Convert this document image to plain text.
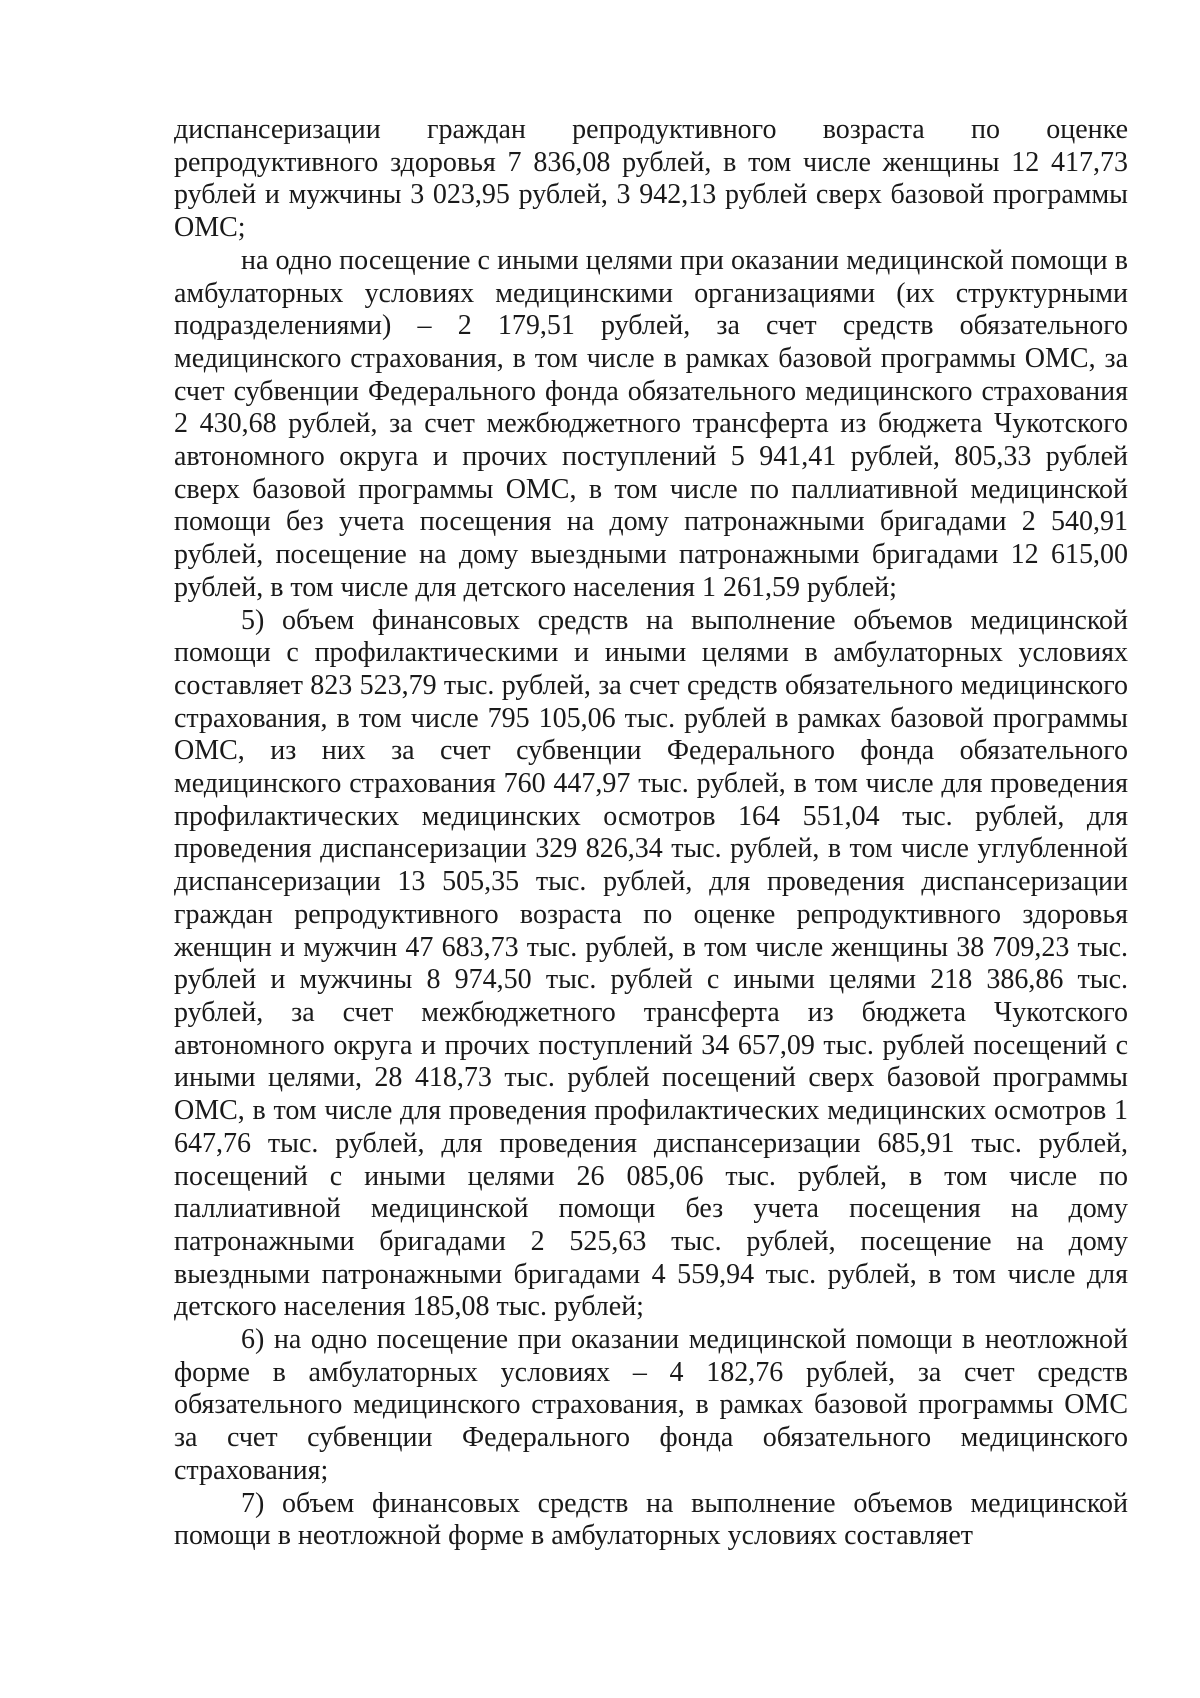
диспансеризации граждан репродуктивного возраста по оценке репродуктивного здоровья 7 836,08 рублей, в том числе женщины 12 417,73 рублей и мужчины 3 023,95 рублей, 3 942,13 рублей сверх базовой программы ОМС;

на одно посещение с иными целями при оказании медицинской помощи в амбулаторных условиях медицинскими организациями (их структурными подразделениями) – 2 179,51 рублей, за счет средств обязательного медицинского страхования, в том числе в рамках базовой программы ОМС, за счет субвенции Федерального фонда обязательного медицинского страхования 2 430,68 рублей, за счет межбюджетного трансферта из бюджета Чукотского автономного округа и прочих поступлений 5 941,41 рублей, 805,33 рублей сверх базовой программы ОМС, в том числе по паллиативной медицинской помощи без учета посещения на дому патронажными бригадами 2 540,91 рублей, посещение на дому выездными патронажными бригадами 12 615,00 рублей, в том числе для детского населения 1 261,59 рублей;

5) объем финансовых средств на выполнение объемов медицинской помощи с профилактическими и иными целями в амбулаторных условиях составляет 823 523,79 тыс. рублей, за счет средств обязательного медицинского страхования, в том числе 795 105,06 тыс. рублей в рамках базовой программы ОМС, из них за счет субвенции Федерального фонда обязательного медицинского страхования 760 447,97 тыс. рублей, в том числе для проведения профилактических медицинских осмотров 164 551,04 тыс. рублей, для проведения диспансеризации 329 826,34 тыс. рублей, в том числе углубленной диспансеризации 13 505,35 тыс. рублей, для проведения диспансеризации граждан репродуктивного возраста по оценке репродуктивного здоровья женщин и мужчин 47 683,73 тыс. рублей, в том числе женщины 38 709,23 тыс. рублей и мужчины 8 974,50 тыс. рублей с иными целями 218 386,86 тыс. рублей, за счет межбюджетного трансферта из бюджета Чукотского автономного округа и прочих поступлений 34 657,09 тыс. рублей посещений с иными целями, 28 418,73 тыс. рублей посещений сверх базовой программы ОМС, в том числе для проведения профилактических медицинских осмотров 1 647,76 тыс. рублей, для проведения диспансеризации 685,91 тыс. рублей, посещений с иными целями 26 085,06 тыс. рублей, в том числе по паллиативной медицинской помощи без учета посещения на дому патронажными бригадами 2 525,63 тыс. рублей, посещение на дому выездными патронажными бригадами 4 559,94 тыс. рублей, в том числе для детского населения 185,08 тыс. рублей;

6) на одно посещение при оказании медицинской помощи в неотложной форме в амбулаторных условиях – 4 182,76 рублей, за счет средств обязательного медицинского страхования, в рамках базовой программы ОМС за счет субвенции Федерального фонда обязательного медицинского страхования;

7) объем финансовых средств на выполнение объемов медицинской помощи в неотложной форме в амбулаторных условиях составляет
